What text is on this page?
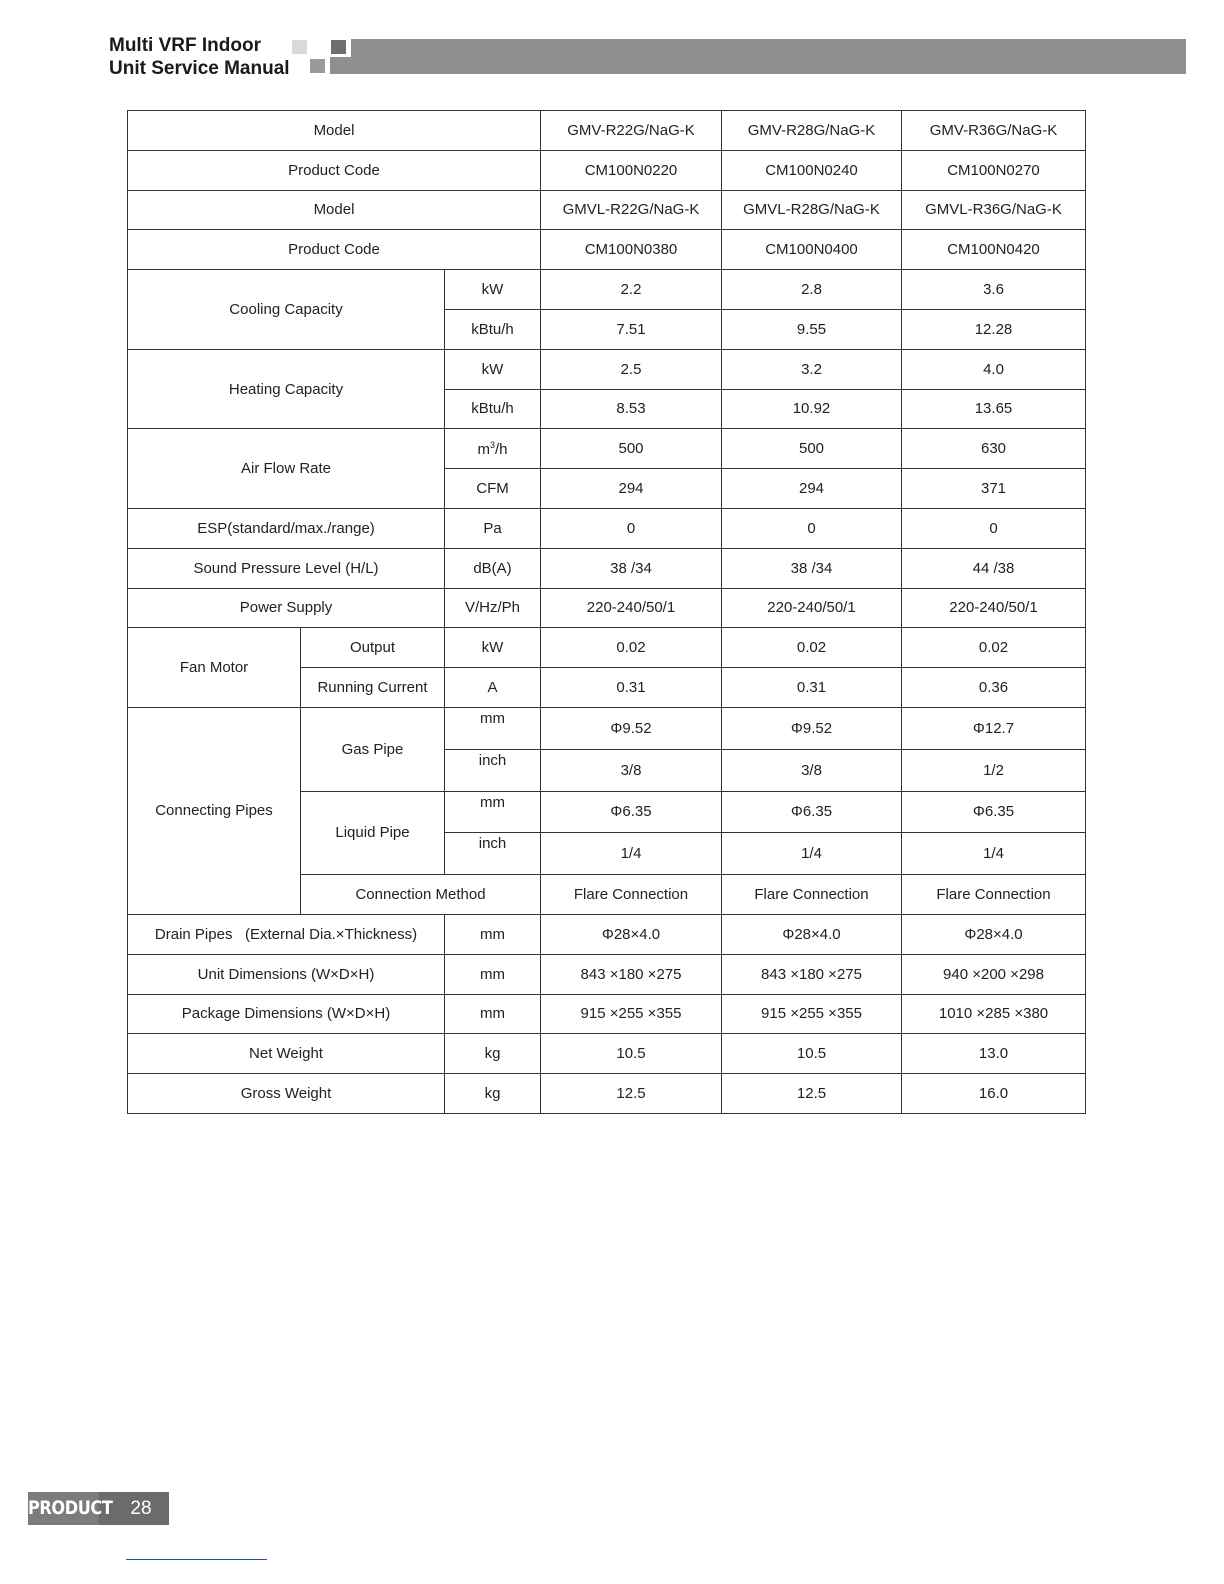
Multi VRF Indoor
Unit Service Manual
Model			GMV-R22G/NaG-K	GMV-R28G/NaG-K	GMV-R36G/NaG-K
Product Code			CM100N0220	CM100N0240	CM100N0270
Model			GMVL-R22G/NaG-K	GMVL-R28G/NaG-K	GMVL-R36G/NaG-K
Product Code			CM100N0380	CM100N0400	CM100N0420
Cooling Capacity		kW	2.2	2.8	3.6
		kBtu/h	7.51	9.55	12.28
Heating Capacity		kW	2.5	3.2	4.0
		kBtu/h	8.53	10.92	13.65
Air Flow Rate		$m^3/h$	500	500	630
		CFM	294	294	371
ESP(standard/max./range)		Pa	0	0	0
Sound Pressure Level (H/L)		dB(A)	38 /34	38 /34	44 /38
Power Supply		V/Hz/Ph	220-240/50/1	220-240/50/1	220-240/50/1
Fan Motor	Output	kW	0.02	0.02	0.02
	Running Current	A	0.31	0.31	0.36
Connecting Pipes	Gas Pipe	mm	Φ9.52	Φ9.52	Φ12.7
		inch	3/8	3/8	1/2
	Liquid Pipe	mm	Φ6.35	Φ6.35	Φ6.35
		inch	1/4	1/4	1/4
	Connection Method		Flare Connection	Flare Connection	Flare Connection
Drain Pipes   (External Dia.×Thickness)		mm	Φ28×4.0	Φ28×4.0	Φ28×4.0
Unit Dimensions (W×D×H)		mm	843 ×180 ×275	843 ×180 ×275	940 ×200 ×298
Package Dimensions (W×D×H)		mm	915 ×255 ×355	915 ×255 ×355	1010 ×285 ×380
Net Weight		kg	10.5	10.5	13.0
Gross Weight		kg	12.5	12.5	16.0
PRODUCT 28
